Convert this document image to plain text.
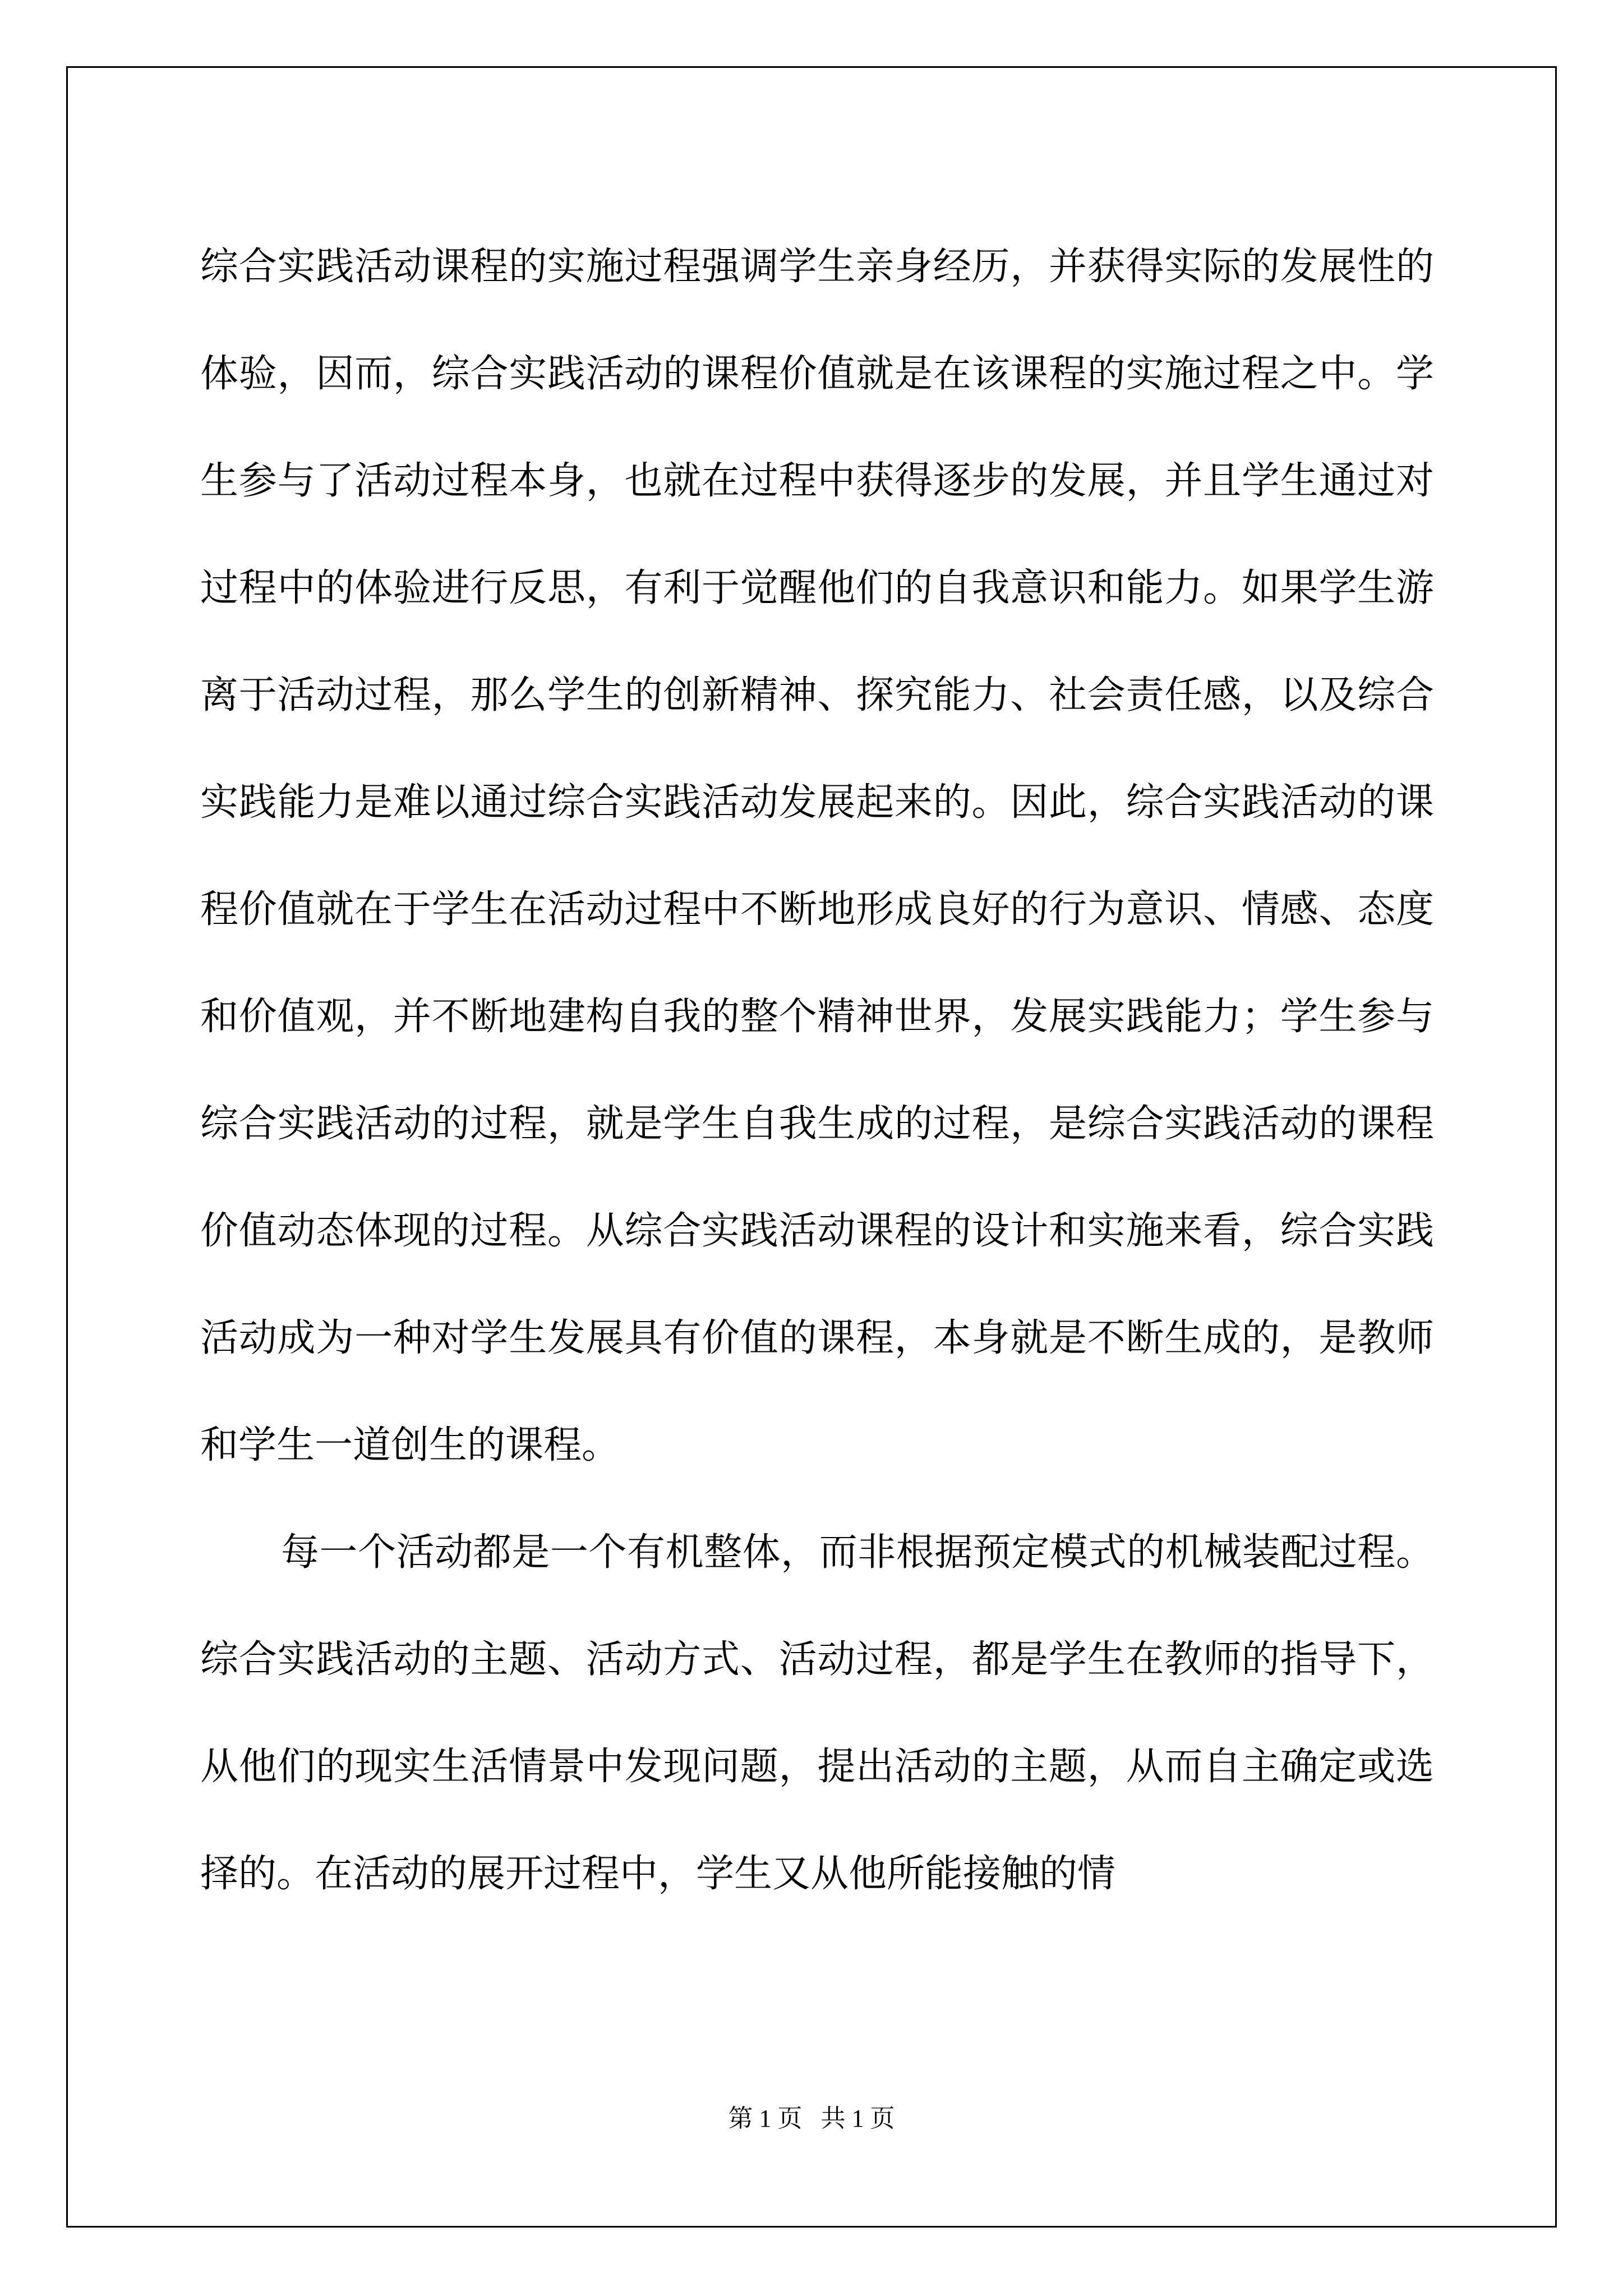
综合实践活动课程的实施过程强调学生亲身经历，并获得实际的发展性的体验，因而，综合实践活动的课程价值就是在该课程的实施过程之中。学生参与了活动过程本身，也就在过程中获得逐步的发展，并且学生通过对过程中的体验进行反思，有利于觉醒他们的自我意识和能力。如果学生游离于活动过程，那么学生的创新精神、探究能力、社会责任感，以及综合实践能力是难以通过综合实践活动发展起来的。因此，综合实践活动的课程价值就在于学生在活动过程中不断地形成良好的行为意识、情感、态度和价值观，并不断地建构自我的整个精神世界，发展实践能力；学生参与综合实践活动的过程，就是学生自我生成的过程，是综合实践活动的课程价值动态体现的过程。从综合实践活动课程的设计和实施来看，综合实践活动成为一种对学生发展具有价值的课程，本身就是不断生成的，是教师和学生一道创生的课程。

每一个活动都是一个有机整体，而非根据预定模式的机械装配过程。综合实践活动的主题、活动方式、活动过程，都是学生在教师的指导下，从他们的现实生活情景中发现问题，提出活动的主题，从而自主确定或选择的。在活动的展开过程中，学生又从他所能接触的情

第 1 页   共 1 页
